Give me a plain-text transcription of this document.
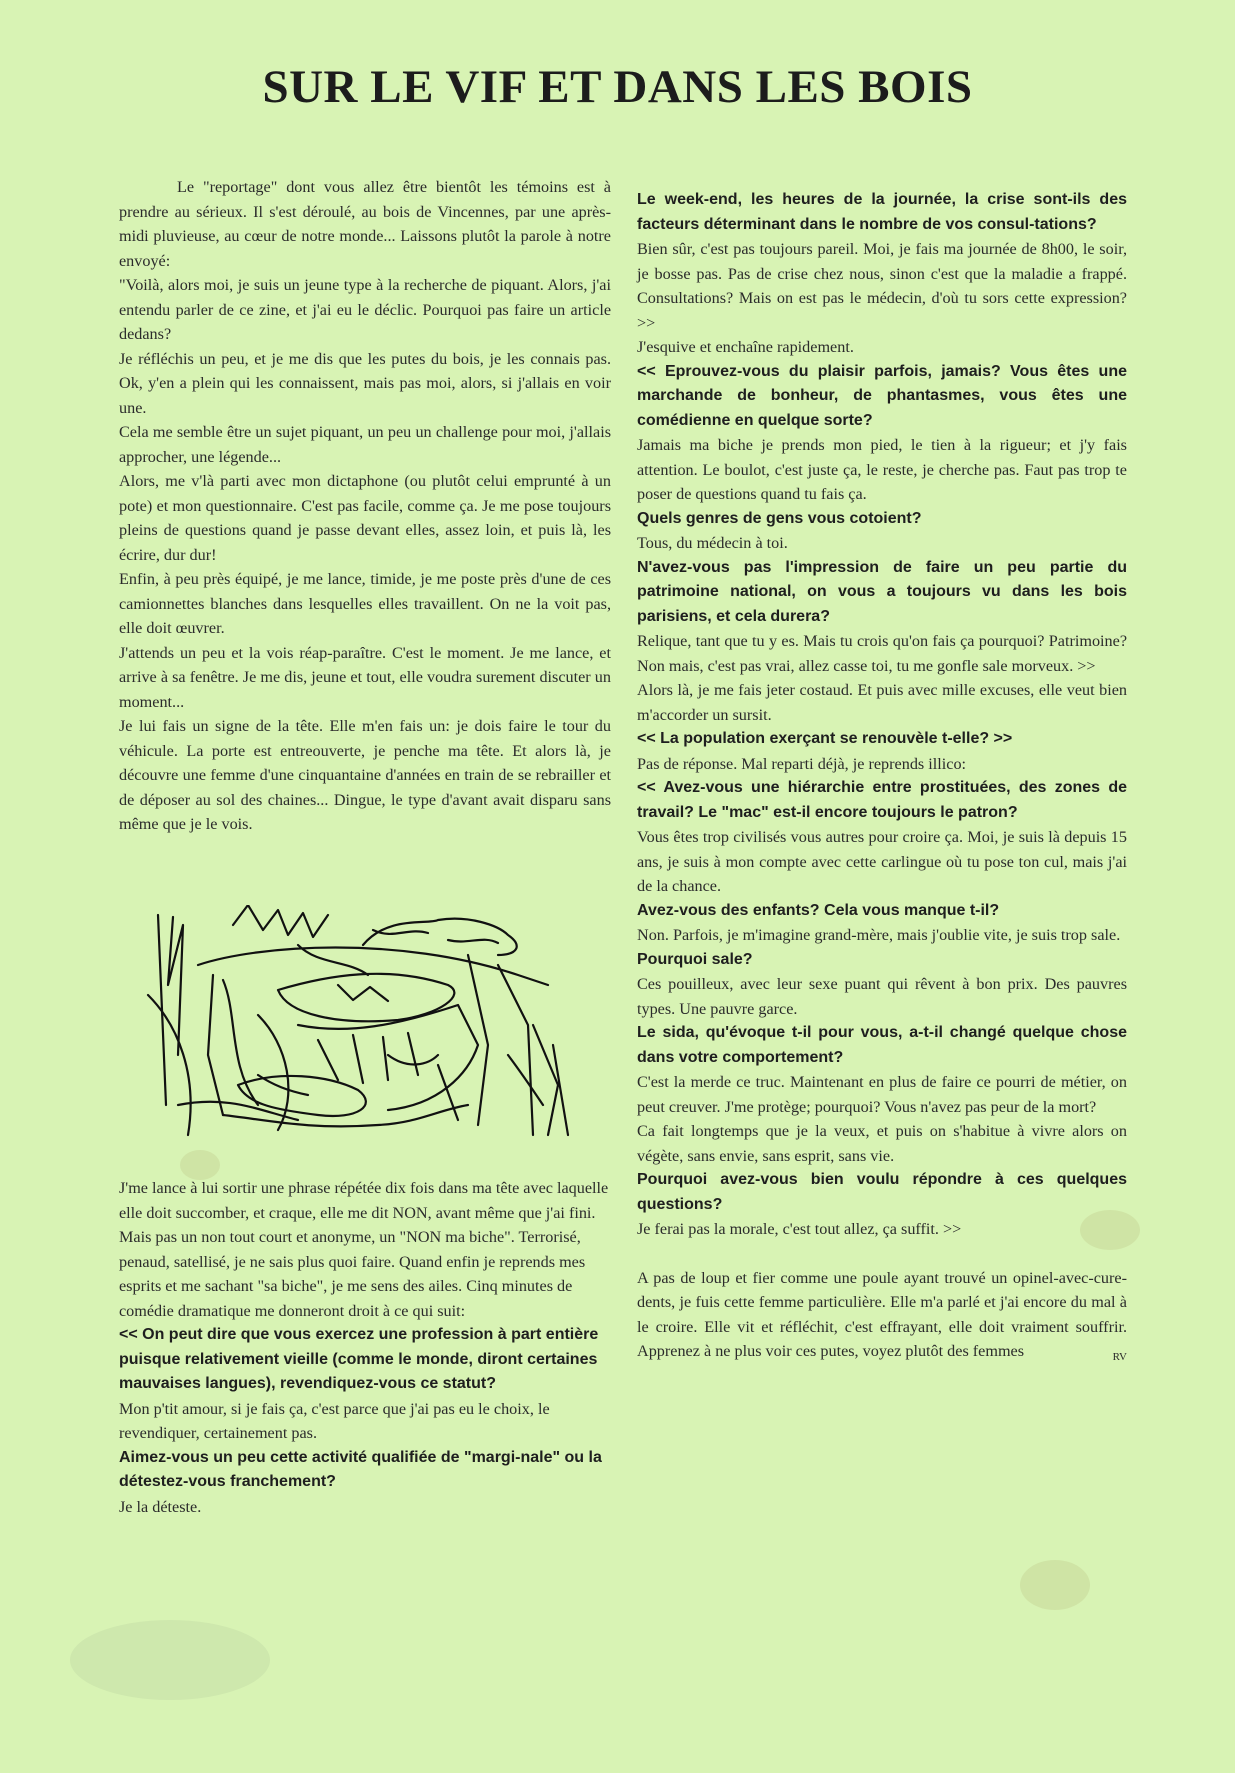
SUR LE VIF ET DANS LES BOIS

Le "reportage" dont vous allez être bientôt les témoins est à prendre au sérieux. Il s'est déroulé, au bois de Vincennes, par une après-midi pluvieuse, au cœur de notre monde... Laissons plutôt la parole à notre envoyé:

"Voilà, alors moi, je suis un jeune type à la recherche de piquant. Alors, j'ai entendu parler de ce zine, et j'ai eu le déclic. Pourquoi pas faire un article dedans?

Je réfléchis un peu, et je me dis que les putes du bois, je les connais pas. Ok, y'en a plein qui les connaissent, mais pas moi, alors, si j'allais en voir une.

Cela me semble être un sujet piquant, un peu un challenge pour moi, j'allais approcher, une légende...

Alors, me v'là parti avec mon dictaphone (ou plutôt celui emprunté à un pote) et mon questionnaire. C'est pas facile, comme ça. Je me pose toujours pleins de questions quand je passe devant elles, assez loin, et puis là, les écrire, dur dur!

Enfin, à peu près équipé, je me lance, timide, je me poste près d'une de ces camionnettes blanches dans lesquelles elles travaillent. On ne la voit pas, elle doit œuvrer.

J'attends un peu et la vois réap-paraître. C'est le moment. Je me lance, et arrive à sa fenêtre. Je me dis, jeune et tout, elle voudra surement discuter un moment...

Je lui fais un signe de la tête. Elle m'en fais un: je dois faire le tour du véhicule. La porte est entreouverte, je penche ma tête. Et alors là, je découvre une femme d'une cinquantaine d'années en train de se rebrailler et de déposer au sol des chaines... Dingue, le type d'avant avait disparu sans même que je le vois.

J'me lance à lui sortir une phrase répétée dix fois dans ma tête avec laquelle elle doit succomber, et craque, elle me dit NON, avant même que j'ai fini. Mais pas un non tout court et anonyme, un "NON ma biche". Terrorisé, penaud, satellisé, je ne sais plus quoi faire. Quand enfin je reprends mes esprits et me sachant "sa biche", je me sens des ailes. Cinq minutes de comédie dramatique me donneront droit à ce qui suit:

<< On peut dire que vous exercez une profession à part entière puisque relativement vieille (comme le monde, diront certaines mauvaises langues), revendiquez-vous ce statut?

Mon p'tit amour, si je fais ça, c'est parce que j'ai pas eu le choix, le revendiquer, certainement pas.

Aimez-vous un peu cette activité qualifiée de "margi-nale" ou la détestez-vous franchement?

Je la déteste.

Le week-end, les heures de la journée, la crise sont-ils des facteurs déterminant dans le nombre de vos consul-tations?

Bien sûr, c'est pas toujours pareil. Moi, je fais ma journée de 8h00, le soir, je bosse pas. Pas de crise chez nous, sinon c'est que la maladie a frappé. Consultations? Mais on est pas le médecin, d'où tu sors cette expression? >>

J'esquive et enchaîne rapidement.

<< Eprouvez-vous du plaisir parfois, jamais? Vous êtes une marchande de bonheur, de phantasmes, vous êtes une comédienne en quelque sorte?

Jamais ma biche je prends mon pied, le tien à la rigueur; et j'y fais attention. Le boulot, c'est juste ça, le reste, je cherche pas. Faut pas trop te poser de questions quand tu fais ça.

Quels genres de gens vous cotoient?

Tous, du médecin à toi.

N'avez-vous pas l'impression de faire un peu partie du patrimoine national, on vous a toujours vu dans les bois parisiens, et cela durera?

Relique, tant que tu y es. Mais tu crois qu'on fais ça pourquoi? Patrimoine? Non mais, c'est pas vrai, allez casse toi, tu me gonfle sale morveux. >>

Alors là, je me fais jeter costaud. Et puis avec mille excuses, elle veut bien m'accorder un sursit.

<< La population exerçant se renouvèle t-elle? >>

Pas de réponse. Mal reparti déjà, je reprends illico:

<< Avez-vous une hiérarchie entre prostituées, des zones de travail? Le "mac" est-il encore toujours le patron?

Vous êtes trop civilisés vous autres pour croire ça. Moi, je suis là depuis 15 ans, je suis à mon compte avec cette carlingue où tu pose ton cul, mais j'ai de la chance.

Avez-vous des enfants? Cela vous manque t-il?

Non. Parfois, je m'imagine grand-mère, mais j'oublie vite, je suis trop sale.

Pourquoi sale?

Ces pouilleux, avec leur sexe puant qui rêvent à bon prix. Des pauvres types. Une pauvre garce.

Le sida, qu'évoque t-il pour vous, a-t-il changé quelque chose dans votre comportement?

C'est la merde ce truc. Maintenant en plus de faire ce pourri de métier, on peut creuver. J'me protège; pourquoi? Vous n'avez pas peur de la mort?

Ca fait longtemps que je la veux, et puis on s'habitue à vivre alors on végète, sans envie, sans esprit, sans vie.

Pourquoi avez-vous bien voulu répondre à ces quelques questions?

Je ferai pas la morale, c'est tout allez, ça suffit. >>

A pas de loup et fier comme une poule ayant trouvé un opinel-avec-cure-dents, je fuis cette femme particulière. Elle m'a parlé et j'ai encore du mal à le croire. Elle vit et réfléchit, c'est effrayant, elle doit vraiment souffrir. Apprenez à ne plus voir ces putes, voyez plutôt des femmes	RV
